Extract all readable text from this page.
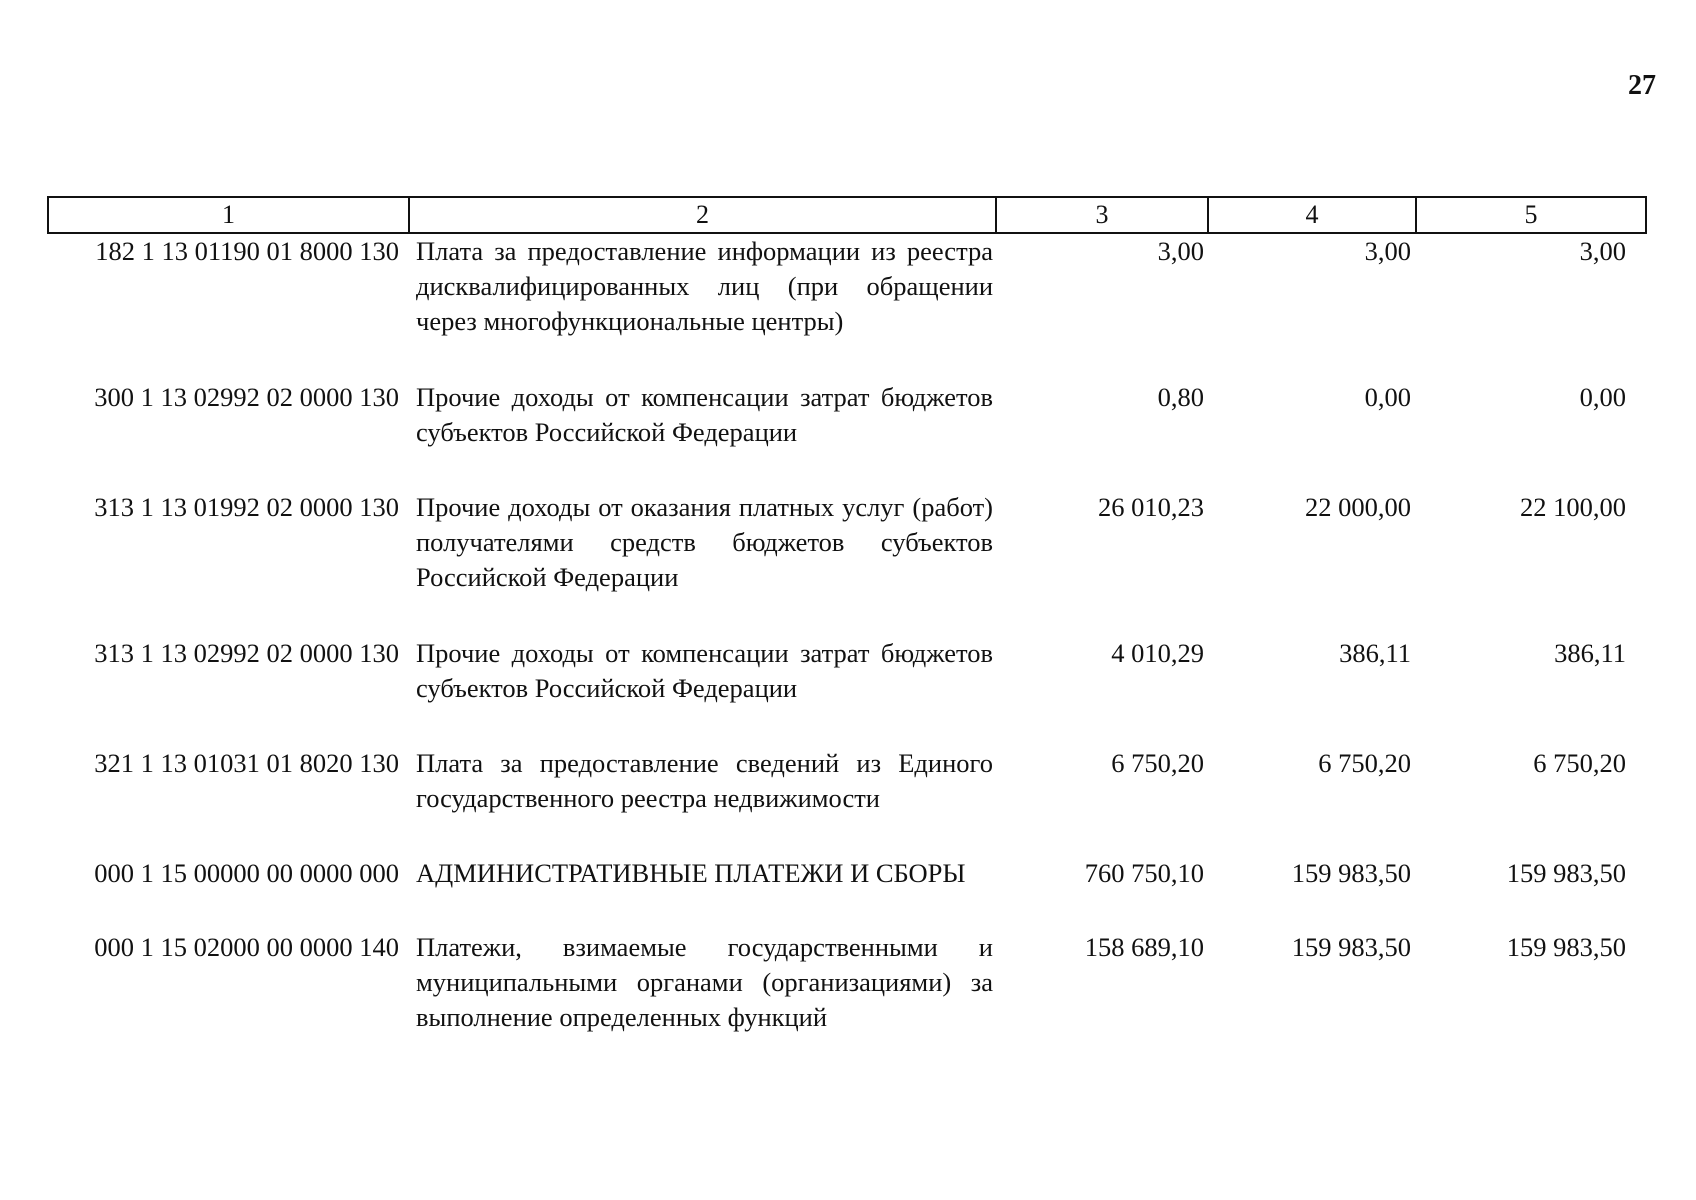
27
1	2	3	4	5
182 1 13 01190 01 8000 130	Плата за предоставление информации из реестра дисквалифицированных лиц (при обращении через многофункциональные центры)	3,00	3,00	3,00
300 1 13 02992 02 0000 130	Прочие доходы от компенсации затрат бюджетов субъектов Российской Федерации	0,80	0,00	0,00
313 1 13 01992 02 0000 130	Прочие доходы от оказания платных услуг (работ) получателями средств бюджетов субъектов Российской Федерации	26 010,23	22 000,00	22 100,00
313 1 13 02992 02 0000 130	Прочие доходы от компенсации затрат бюджетов субъектов Российской Федерации	4 010,29	386,11	386,11
321 1 13 01031 01 8020 130	Плата за предоставление сведений из Единого государственного реестра недвижимости	6 750,20	6 750,20	6 750,20
000 1 15 00000 00 0000 000	АДМИНИСТРАТИВНЫЕ ПЛАТЕЖИ И СБОРЫ	760 750,10	159 983,50	159 983,50
000 1 15 02000 00 0000 140	Платежи, взимаемые государственными и муниципальными органами (организациями) за выполнение определенных функций	158 689,10	159 983,50	159 983,50
